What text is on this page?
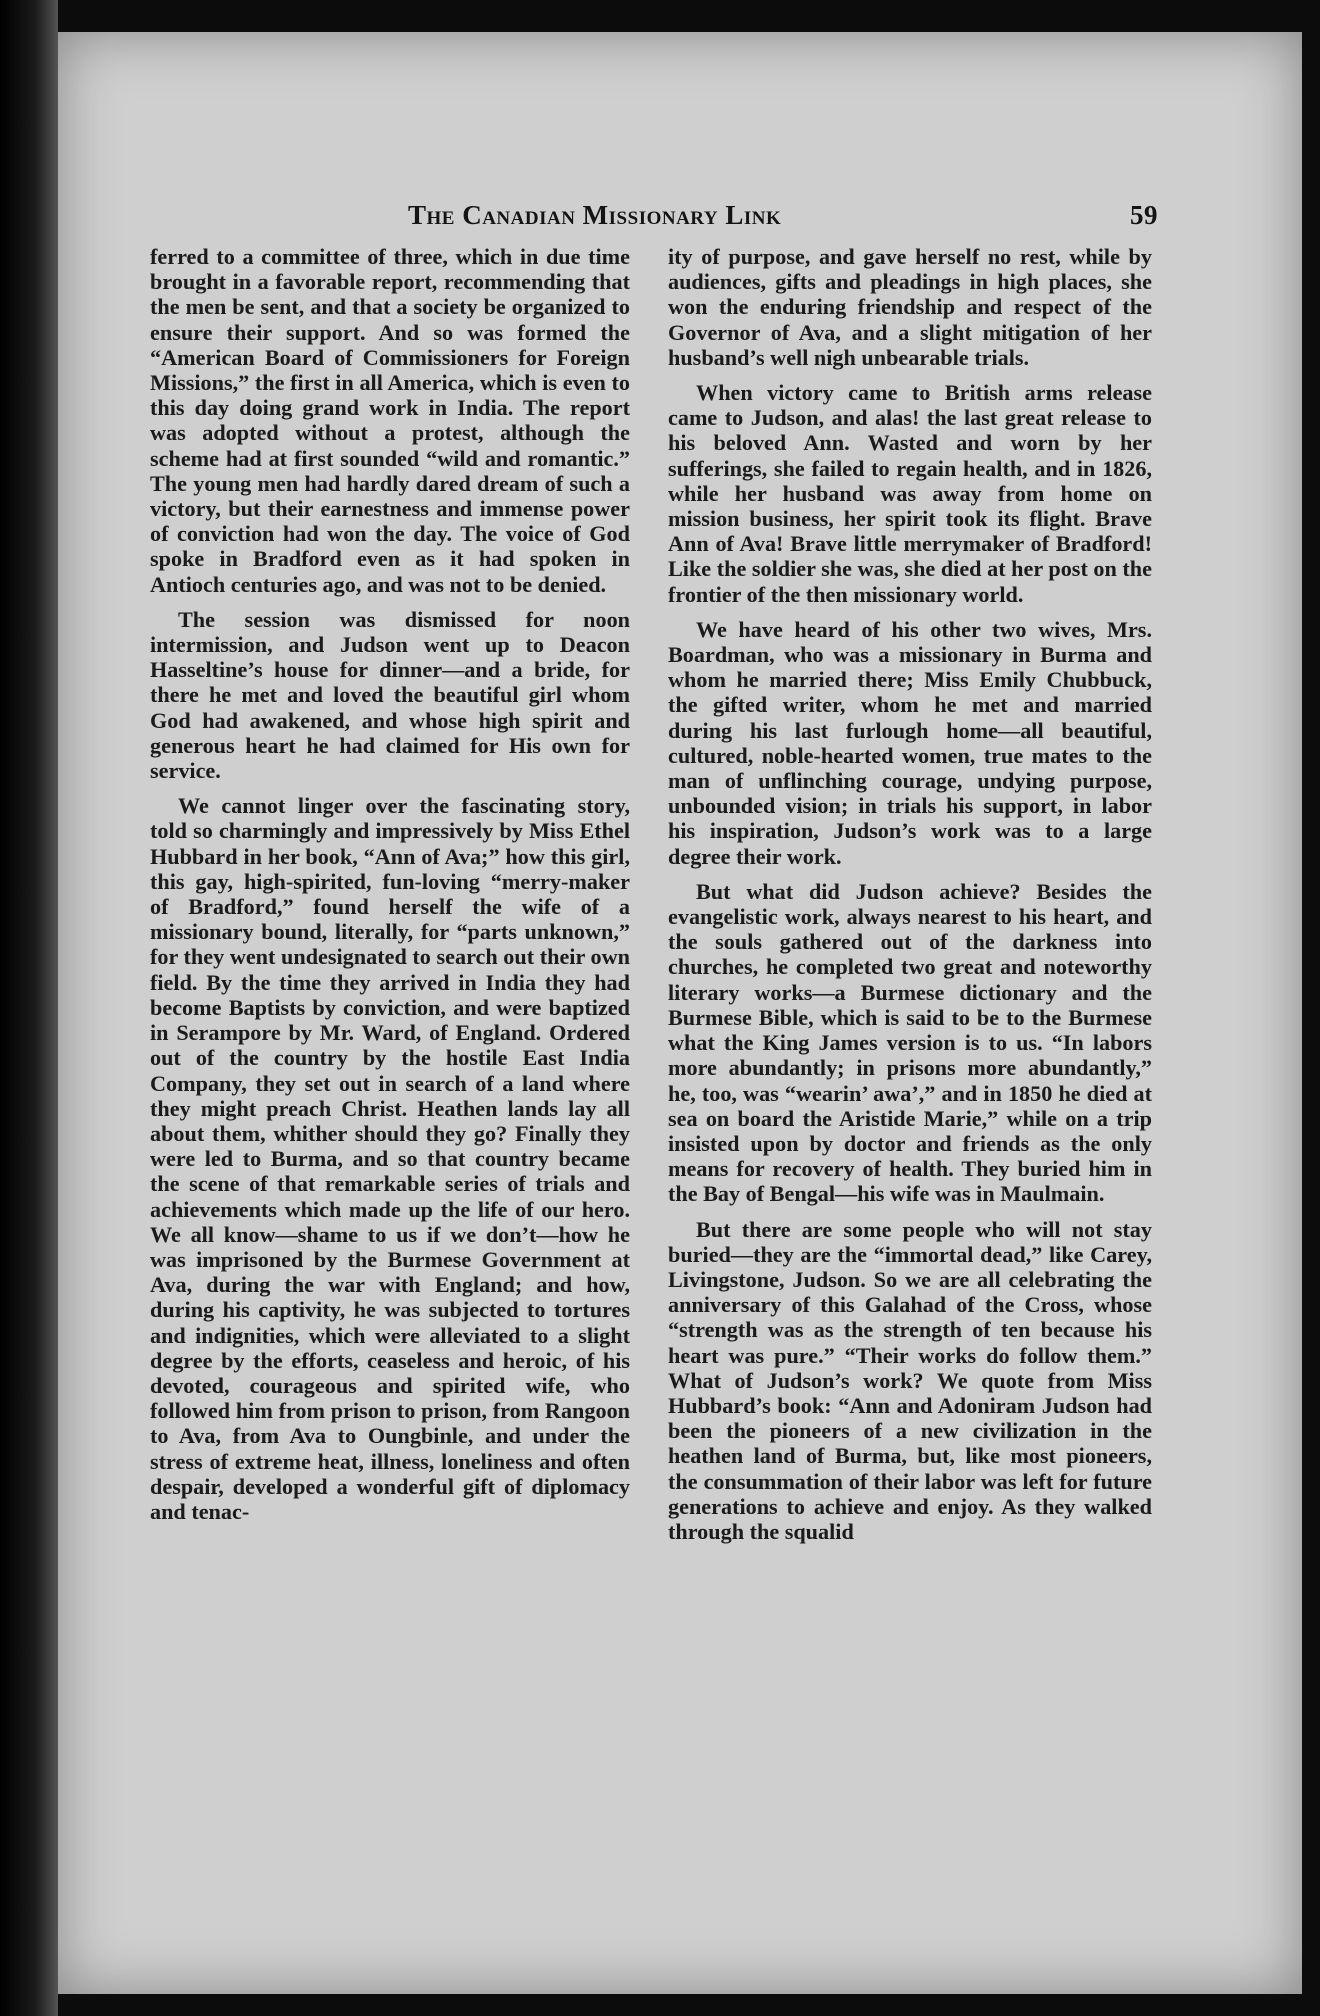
The Canadian Missionary Link	59

ferred to a committee of three, which in due time brought in a favorable report, recommending that the men be sent, and that a society be organized to ensure their support. And so was formed the “American Board of Commissioners for Foreign Missions,” the first in all America, which is even to this day doing grand work in India. The report was adopted without a protest, although the scheme had at first sounded “wild and romantic.” The young men had hardly dared dream of such a victory, but their earnestness and immense power of conviction had won the day. The voice of God spoke in Bradford even as it had spoken in Antioch centuries ago, and was not to be denied.

The session was dismissed for noon intermission, and Judson went up to Deacon Hasseltine’s house for dinner—and a bride, for there he met and loved the beautiful girl whom God had awakened, and whose high spirit and generous heart he had claimed for His own for service.

We cannot linger over the fascinating story, told so charmingly and impressively by Miss Ethel Hubbard in her book, “Ann of Ava;” how this girl, this gay, high-spirited, fun-loving “merry-maker of Bradford,” found herself the wife of a missionary bound, literally, for “parts unknown,” for they went undesignated to search out their own field. By the time they arrived in India they had become Baptists by conviction, and were baptized in Serampore by Mr. Ward, of England. Ordered out of the country by the hostile East India Company, they set out in search of a land where they might preach Christ. Heathen lands lay all about them, whither should they go? Finally they were led to Burma, and so that country became the scene of that remarkable series of trials and achievements which made up the life of our hero. We all know—shame to us if we don’t—how he was imprisoned by the Burmese Government at Ava, during the war with England; and how, during his captivity, he was subjected to tortures and indignities, which were alleviated to a slight degree by the efforts, ceaseless and heroic, of his devoted, courageous and spirited wife, who followed him from prison to prison, from Rangoon to Ava, from Ava to Oungbinle, and under the stress of extreme heat, illness, loneliness and often despair, developed a wonderful gift of diplomacy and tenac-

ity of purpose, and gave herself no rest, while by audiences, gifts and pleadings in high places, she won the enduring friendship and respect of the Governor of Ava, and a slight mitigation of her husband’s well nigh unbearable trials.

When victory came to British arms release came to Judson, and alas! the last great release to his beloved Ann. Wasted and worn by her sufferings, she failed to regain health, and in 1826, while her husband was away from home on mission business, her spirit took its flight. Brave Ann of Ava! Brave little merrymaker of Bradford! Like the soldier she was, she died at her post on the frontier of the then missionary world.

We have heard of his other two wives, Mrs. Boardman, who was a missionary in Burma and whom he married there; Miss Emily Chubbuck, the gifted writer, whom he met and married during his last furlough home—all beautiful, cultured, noble-hearted women, true mates to the man of unflinching courage, undying purpose, unbounded vision; in trials his support, in labor his inspiration, Judson’s work was to a large degree their work.

But what did Judson achieve? Besides the evangelistic work, always nearest to his heart, and the souls gathered out of the darkness into churches, he completed two great and noteworthy literary works—a Burmese dictionary and the Burmese Bible, which is said to be to the Burmese what the King James version is to us. “In labors more abundantly; in prisons more abundantly,” he, too, was “wearin’ awa’,” and in 1850 he died at sea on board the Aristide Marie,” while on a trip insisted upon by doctor and friends as the only means for recovery of health. They buried him in the Bay of Bengal—his wife was in Maulmain.

But there are some people who will not stay buried—they are the “immortal dead,” like Carey, Livingstone, Judson. So we are all celebrating the anniversary of this Galahad of the Cross, whose “strength was as the strength of ten because his heart was pure.” “Their works do follow them.” What of Judson’s work? We quote from Miss Hubbard’s book: “Ann and Adoniram Judson had been the pioneers of a new civilization in the heathen land of Burma, but, like most pioneers, the consummation of their labor was left for future generations to achieve and enjoy. As they walked through the squalid
